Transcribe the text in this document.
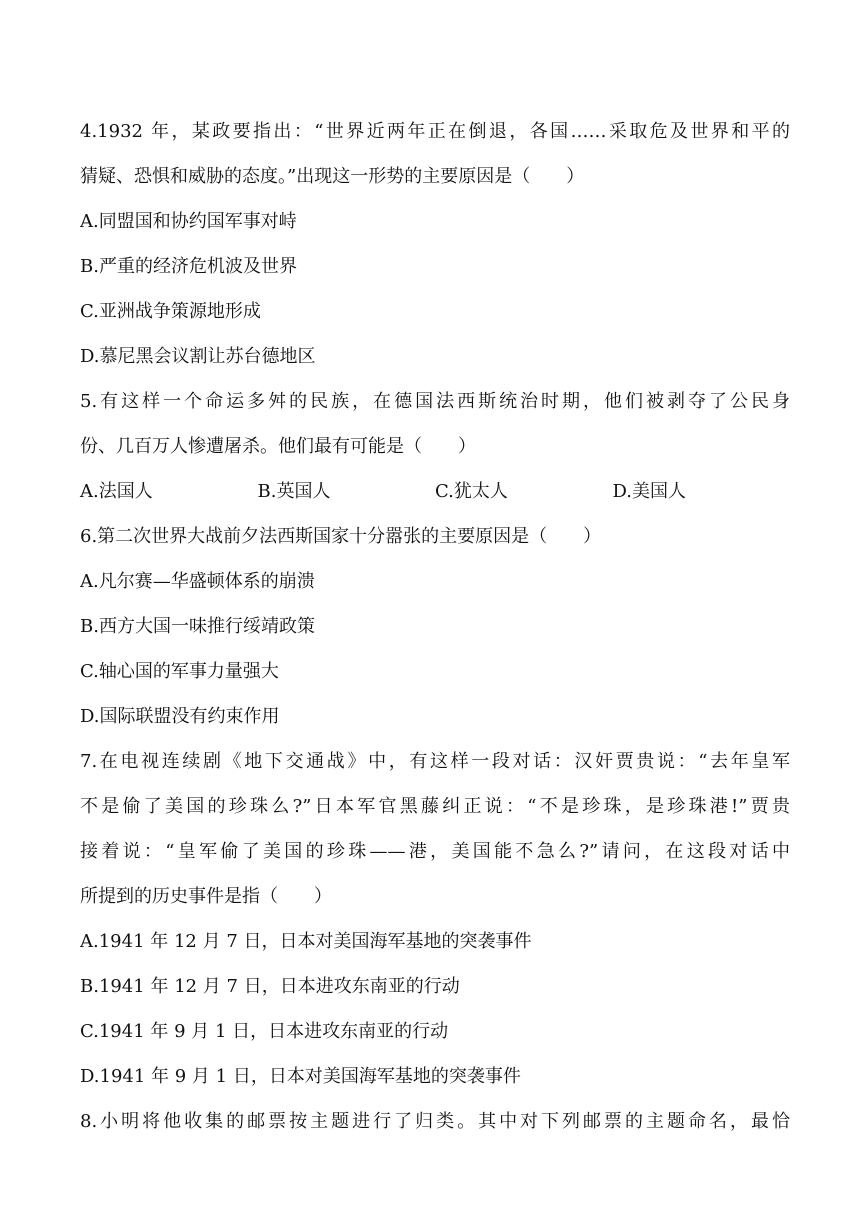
4.1932 年，某政要指出：“世界近两年正在倒退，各国……采取危及世界和平的
猜疑、恐惧和威胁的态度。”出现这一形势的主要原因是（　　）
A.同盟国和协约国军事对峙
B.严重的经济危机波及世界
C.亚洲战争策源地形成
D.慕尼黑会议割让苏台德地区
5.有这样一个命运多舛的民族，在德国法西斯统治时期，他们被剥夺了公民身
份、几百万人惨遭屠杀。他们最有可能是（　　）
A.法国人	B.英国人	C.犹太人	D.美国人
6.第二次世界大战前夕法西斯国家十分嚣张的主要原因是（　　）
A.凡尔赛—华盛顿体系的崩溃
B.西方大国一味推行绥靖政策
C.轴心国的军事力量强大
D.国际联盟没有约束作用
7.在电视连续剧《地下交通战》中，有这样一段对话：汉奸贾贵说：“去年皇军
不是偷了美国的珍珠么?”日本军官黑藤纠正说：“不是珍珠，是珍珠港!”贾贵
接着说：“皇军偷了美国的珍珠——港，美国能不急么?”请问，在这段对话中
所提到的历史事件是指（　　）
A.1941 年 12 月 7 日，日本对美国海军基地的突袭事件
B.1941 年 12 月 7 日，日本进攻东南亚的行动
C.1941 年 9 月 1 日，日本进攻东南亚的行动
D.1941 年 9 月 1 日，日本对美国海军基地的突袭事件
8.小明将他收集的邮票按主题进行了归类。其中对下列邮票的主题命名，最恰
